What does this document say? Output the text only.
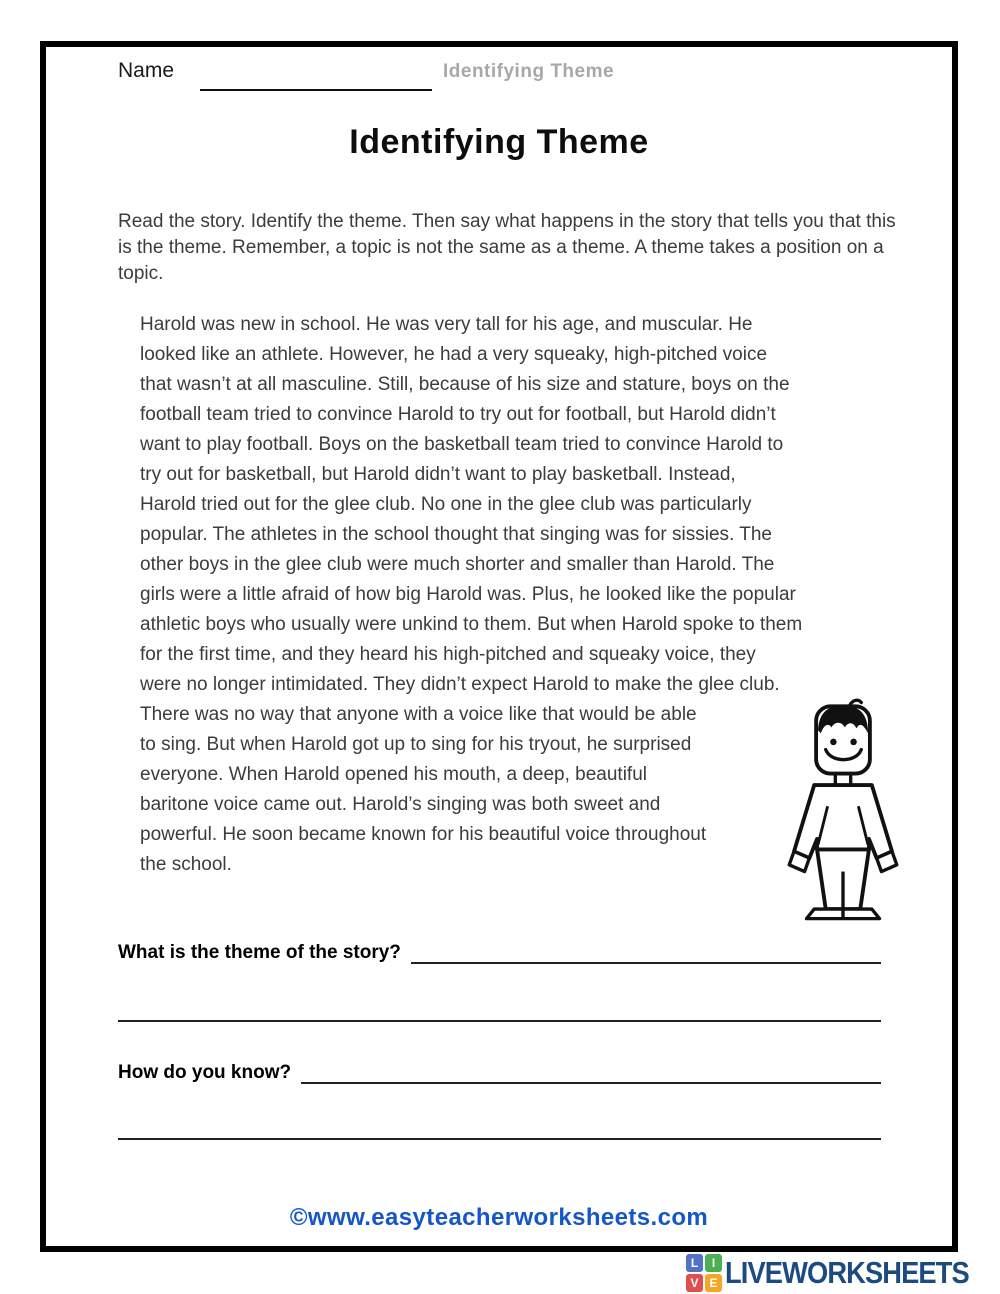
Name	Identifying Theme
Identifying Theme

Read the story. Identify the theme. Then say what happens in the story that tells you that this is the theme. Remember, a topic is not the same as a theme. A theme takes a position on a topic.

Harold was new in school. He was very tall for his age, and muscular. He
looked like an athlete. However, he had a very squeaky, high-pitched voice
that wasn’t at all masculine. Still, because of his size and stature, boys on the
football team tried to convince Harold to try out for football, but Harold didn’t
want to play football. Boys on the basketball team tried to convince Harold to
try out for basketball, but Harold didn’t want to play basketball. Instead,
Harold tried out for the glee club. No one in the glee club was particularly
popular. The athletes in the school thought that singing was for sissies. The
other boys in the glee club were much shorter and smaller than Harold. The
girls were a little afraid of how big Harold was. Plus, he looked like the popular
athletic boys who usually were unkind to them. But when Harold spoke to them
for the first time, and they heard his high-pitched and squeaky voice, they
were no longer intimidated. They didn’t expect Harold to make the glee club.
There was no way that anyone with a voice like that would be able
to sing. But when Harold got up to sing for his tryout, he surprised
everyone. When Harold opened his mouth, a deep, beautiful
baritone voice came out. Harold’s singing was both sweet and
powerful. He soon became known for his beautiful voice throughout
the school.
What is the theme of the story?
How do you know?
©www.easyteacherworksheets.com
L	I
V E LIVEWORKSHEETS
